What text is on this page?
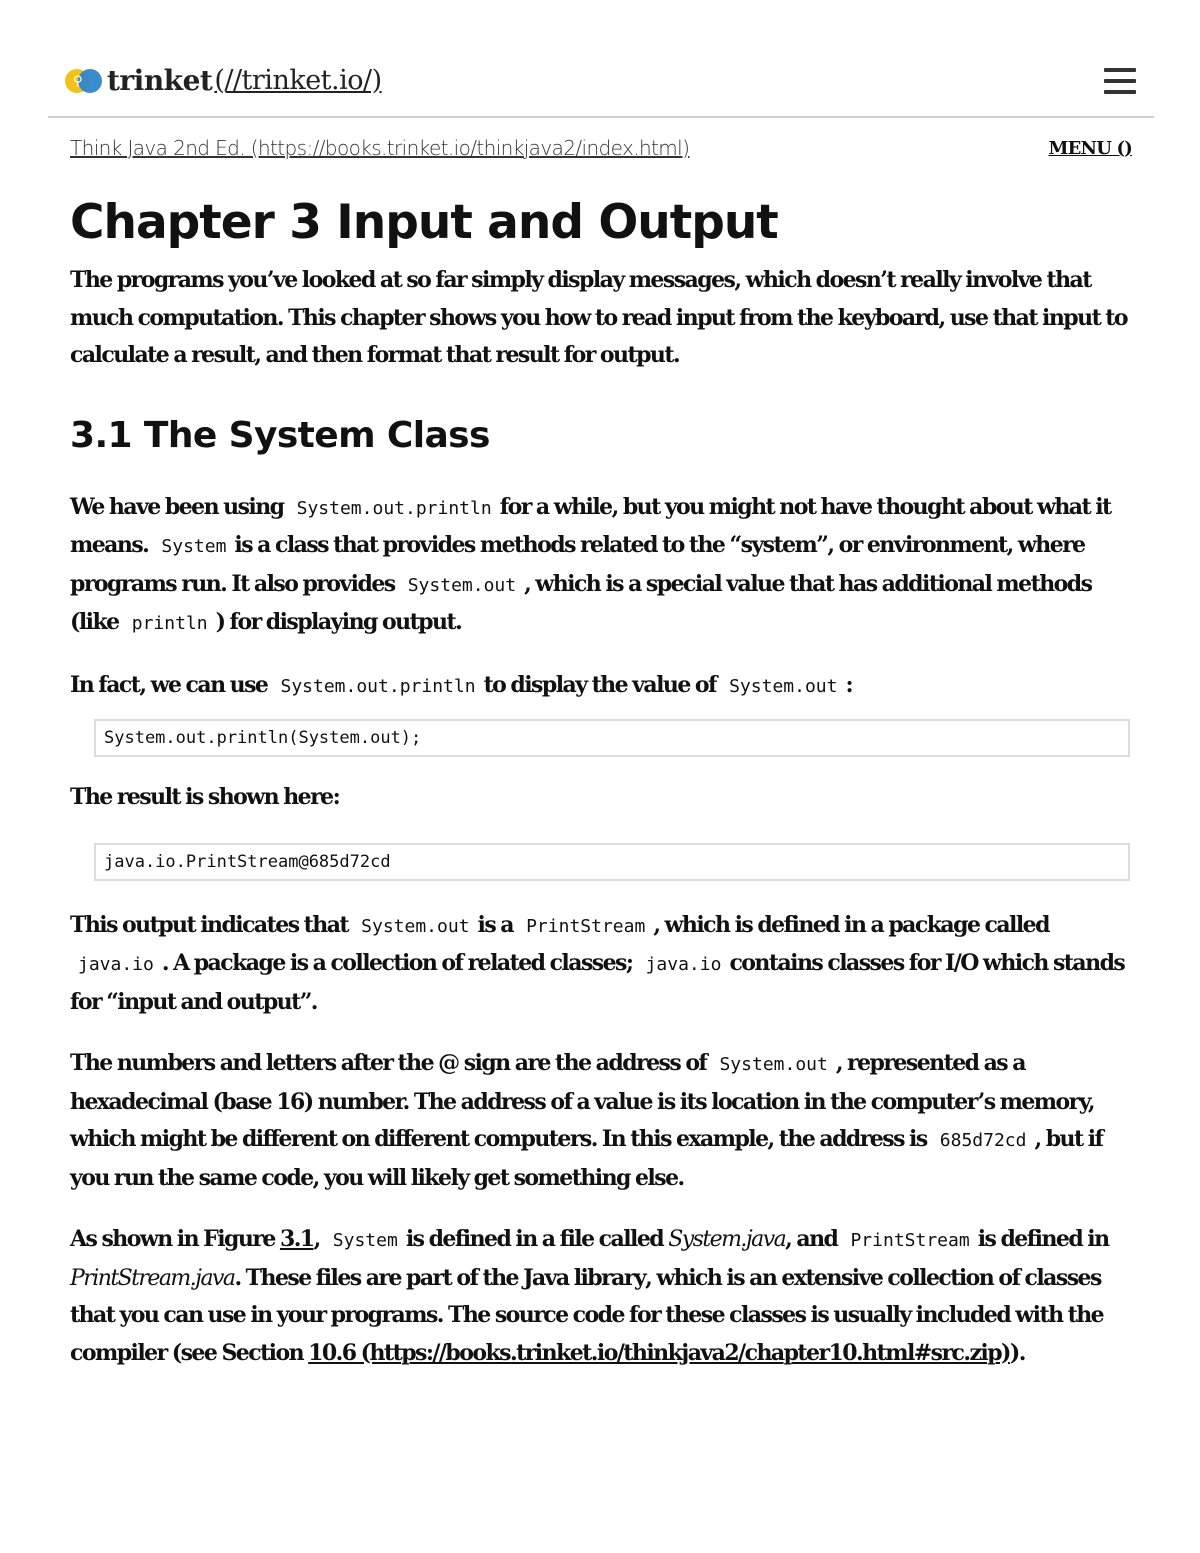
⚲ trinket (//trinket.io/)
Think Java 2nd Ed. (https://books.trinket.io/thinkjava2/index.html)	MENU ()
Chapter 3 Input and Output

The programs you’ve looked at so far simply display messages, which doesn’t really involve that much computation. This chapter shows you how to read input from the keyboard, use that input to calculate a result, and then format that result for output.

3.1 The System Class

We have been using System.out.println for a while, but you might not have thought about what it means. System is a class that provides methods related to the “system”, or environment, where programs run. It also provides System.out , which is a special value that has additional methods (like println ) for displaying output.

In fact, we can use System.out.println to display the value of System.out :

System.out.println(System.out);

The result is shown here:

java.io.PrintStream@685d72cd

This output indicates that System.out is a PrintStream , which is defined in a package called java.io . A package is a collection of related classes; java.io contains classes for I/O which stands for “input and output”.

The numbers and letters after the @ sign are the address of System.out , represented as a hexadecimal (base 16) number. The address of a value is its location in the computer’s memory, which might be different on different computers. In this example, the address is 685d72cd , but if you run the same code, you will likely get something else.

As shown in Figure 3.1, System is defined in a file called System.java, and PrintStream is defined in PrintStream.java. These files are part of the Java library, which is an extensive collection of classes that you can use in your programs. The source code for these classes is usually included with the compiler (see Section 10.6 (https://books.trinket.io/thinkjava2/chapter10.html#src.zip)).
